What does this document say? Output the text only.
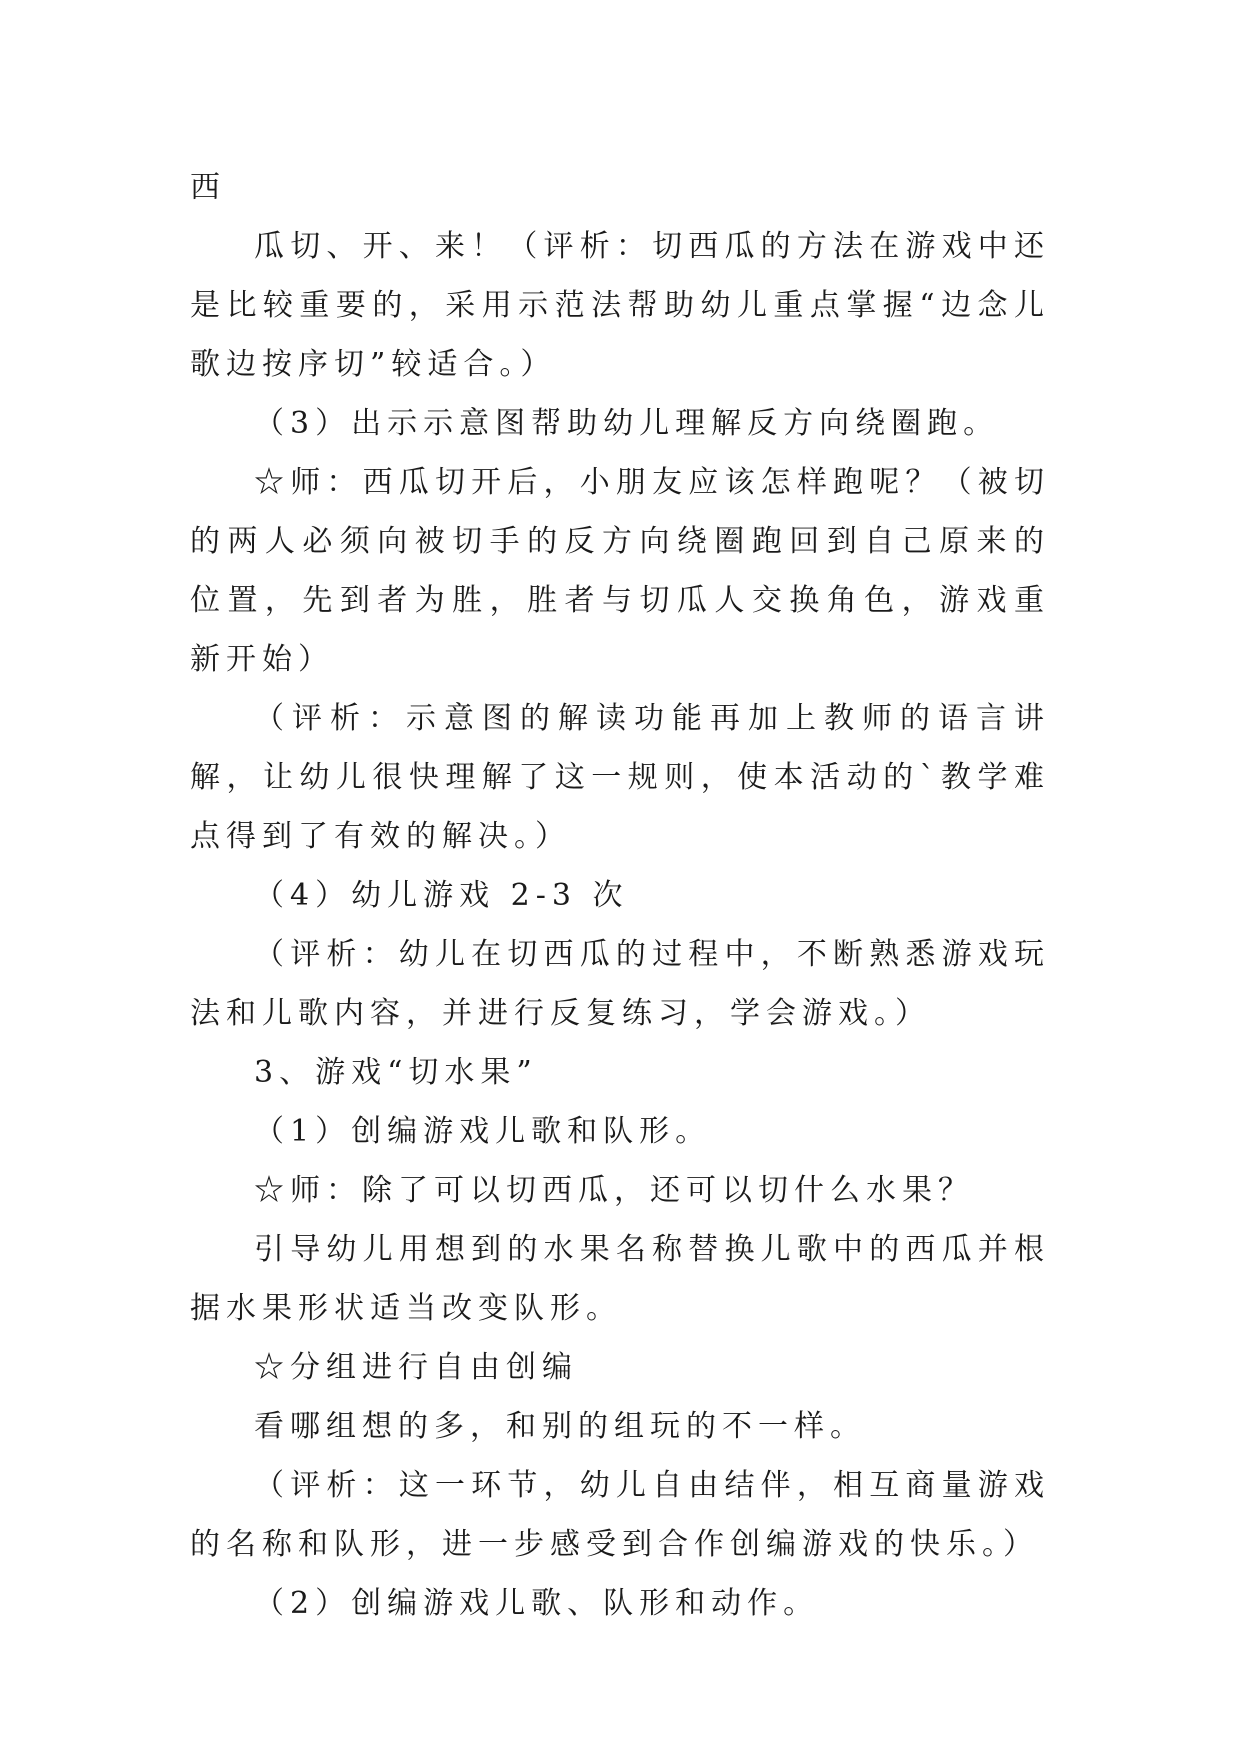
西

瓜切、开、来！（评析：切西瓜的方法在游戏中还是比较重要的，采用示范法帮助幼儿重点掌握“边念儿歌边按序切”较适合。）

（3）出示示意图帮助幼儿理解反方向绕圈跑。

☆师：西瓜切开后，小朋友应该怎样跑呢？（被切的两人必须向被切手的反方向绕圈跑回到自己原来的位置，先到者为胜，胜者与切瓜人交换角色，游戏重新开始）

（评析：示意图的解读功能再加上教师的语言讲解，让幼儿很快理解了这一规则，使本活动的`教学难点得到了有效的解决。）

（4）幼儿游戏 2-3 次

（评析：幼儿在切西瓜的过程中，不断熟悉游戏玩法和儿歌内容，并进行反复练习，学会游戏。）

3、游戏“切水果”

（1）创编游戏儿歌和队形。

☆师：除了可以切西瓜，还可以切什么水果？

引导幼儿用想到的水果名称替换儿歌中的西瓜并根据水果形状适当改变队形。

☆分组进行自由创编

看哪组想的多，和别的组玩的不一样。

（评析：这一环节，幼儿自由结伴，相互商量游戏的名称和队形，进一步感受到合作创编游戏的快乐。）

（2）创编游戏儿歌、队形和动作。
